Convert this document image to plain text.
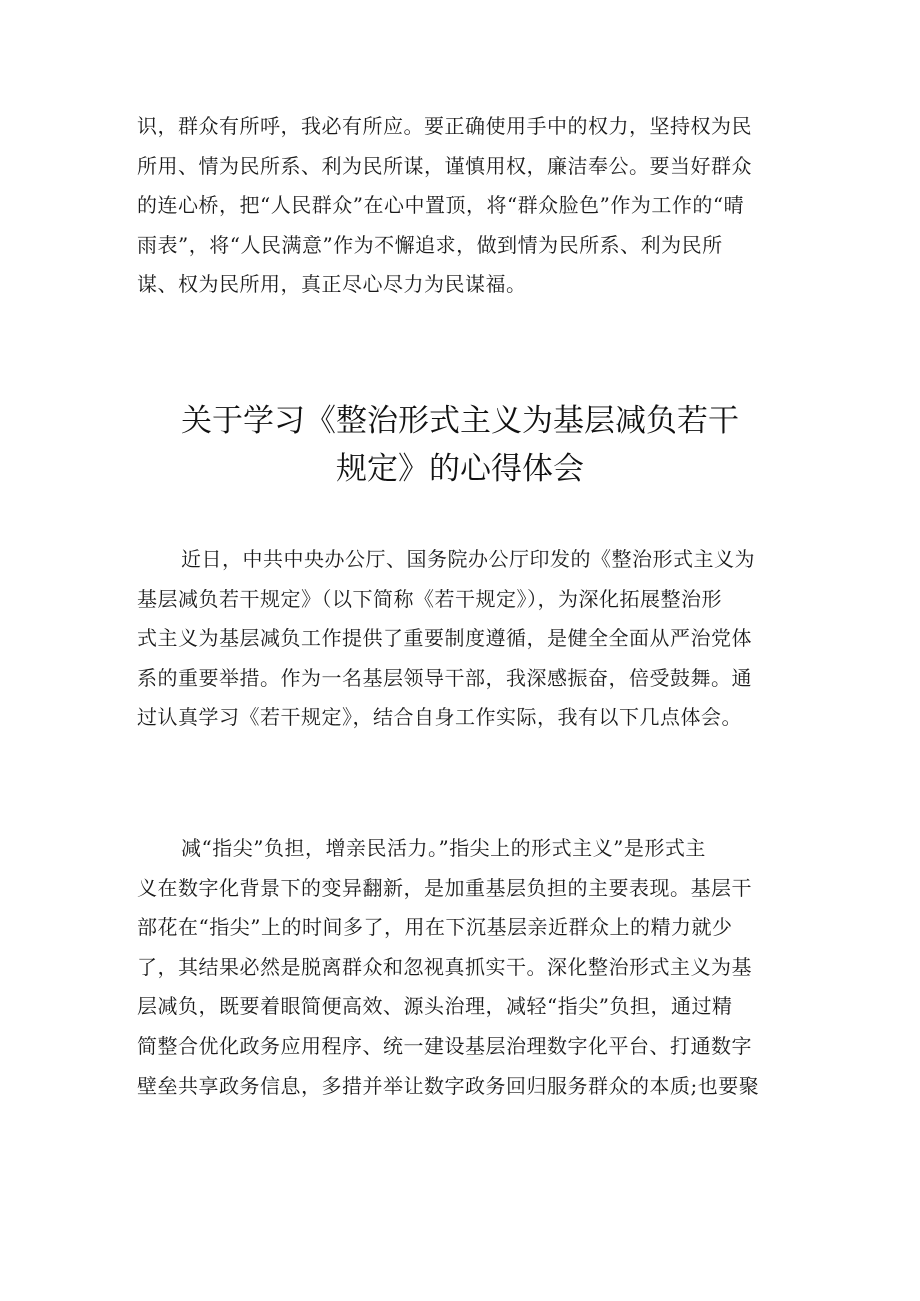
识，群众有所呼，我必有所应。要正确使用手中的权力，坚持权为民
所用、情为民所系、利为民所谋，谨慎用权，廉洁奉公。要当好群众
的连心桥，把“人民群众”在心中置顶，将“群众脸色”作为工作的“晴
雨表”，将“人民满意”作为不懈追求，做到情为民所系、利为民所
谋、权为民所用，真正尽心尽力为民谋福。
关于学习《整治形式主义为基层减负若干
规定》的心得体会
近日，中共中央办公厅、国务院办公厅印发的《整治形式主义为
基层减负若干规定》（以下简称《若干规定》），为深化拓展整治形
式主义为基层减负工作提供了重要制度遵循，是健全全面从严治党体
系的重要举措。作为一名基层领导干部，我深感振奋，倍受鼓舞。通
过认真学习《若干规定》，结合自身工作实际，我有以下几点体会。
减“指尖”负担，增亲民活力。”指尖上的形式主义”是形式主
义在数字化背景下的变异翻新，是加重基层负担的主要表现。基层干
部花在“指尖”上的时间多了，用在下沉基层亲近群众上的精力就少
了，其结果必然是脱离群众和忽视真抓实干。深化整治形式主义为基
层减负，既要着眼简便高效、源头治理，减轻“指尖”负担，通过精
简整合优化政务应用程序、统一建设基层治理数字化平台、打通数字
壁垒共享政务信息，多措并举让数字政务回归服务群众的本质;也要聚
